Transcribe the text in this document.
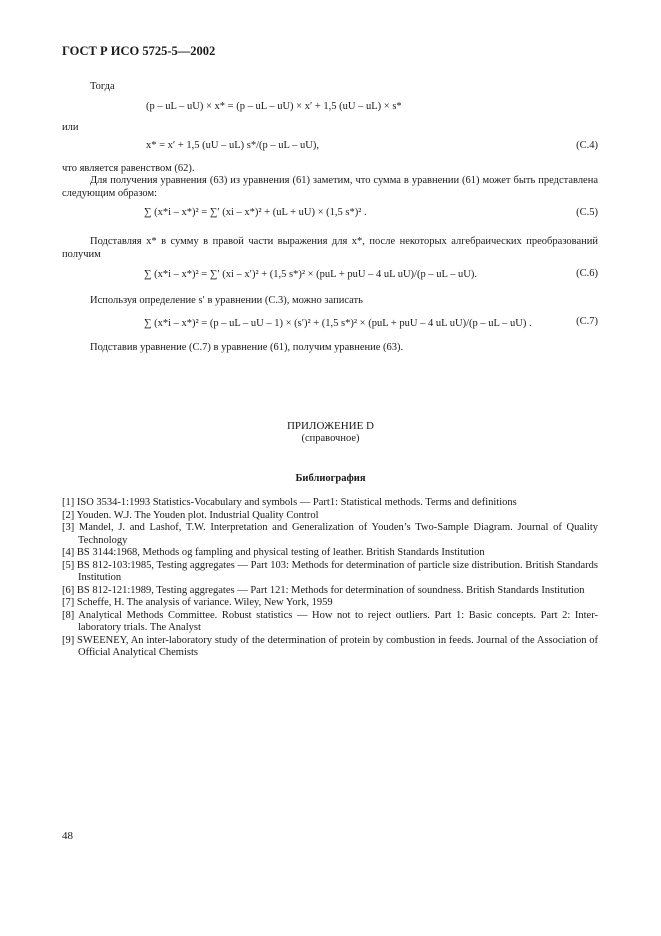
ГОСТ Р ИСО 5725-5—2002
Тогда
(p – uL – uU) × x* = (p – uL – uU) × x′ + 1,5 (uU – uL) × s*
или
x* = x′ + 1,5 (uU – uL) s*/(p – uL – uU),	(C.4)
что является равенством (62).
Для получения уравнения (63) из уравнения (61) заметим, что сумма в уравнении (61) может быть представлена следующим образом:
∑ (x*i – x*)² = ∑′ (xi – x*)² + (uL + uU) × (1,5 s*)² .	(C.5)
Подставляя x* в сумму в правой части выражения для x*, после некоторых алгебраических преобразований получим
∑ (x*i – x*)² = ∑′ (xi – x′)² + (1,5 s*)² × (puL + puU – 4 uL uU)/(p – uL – uU).	(C.6)
Используя определение s′ в уравнении (C.3), можно записать
∑ (x*i – x*)² = (p – uL – uU – 1) × (s′)² + (1,5 s*)² × (puL + puU – 4 uL uU)/(p – uL – uU) .	(C.7)
Подставив уравнение (C.7) в уравнение (61), получим уравнение (63).
ПРИЛОЖЕНИЕ D
(справочное)
Библиография
[1] ISO 3534-1:1993 Statistics-Vocabulary and symbols — Part1: Statistical methods. Terms and definitions
[2] Youden. W.J. The Youden plot. Industrial Quality Control
[3] Mandel, J. and Lashof, T.W. Interpretation and Generalization of Youden’s Two-Sample Diagram. Journal of Quality Technology
[4] BS 3144:1968, Methods og fampling and physical testing of leather. British Standards Institution
[5] BS 812-103:1985, Testing aggregates — Part 103: Methods for determination of particle size distribution. British Standards Institution
[6] BS 812-121:1989, Testing aggregates — Part 121: Methods for determination of soundness. British Standards Institution
[7] Scheffe, H. The analysis of variance. Wiley, New York, 1959
[8] Analytical Methods Committee. Robust statistics — How not to reject outliers. Part 1: Basic concepts. Part 2: Inter-laboratory trials. The Analyst
[9] SWEENEY, An inter-laboratory study of the determination of protein by combustion in feeds. Journal of the Association of Official Analytical Chemists
48
